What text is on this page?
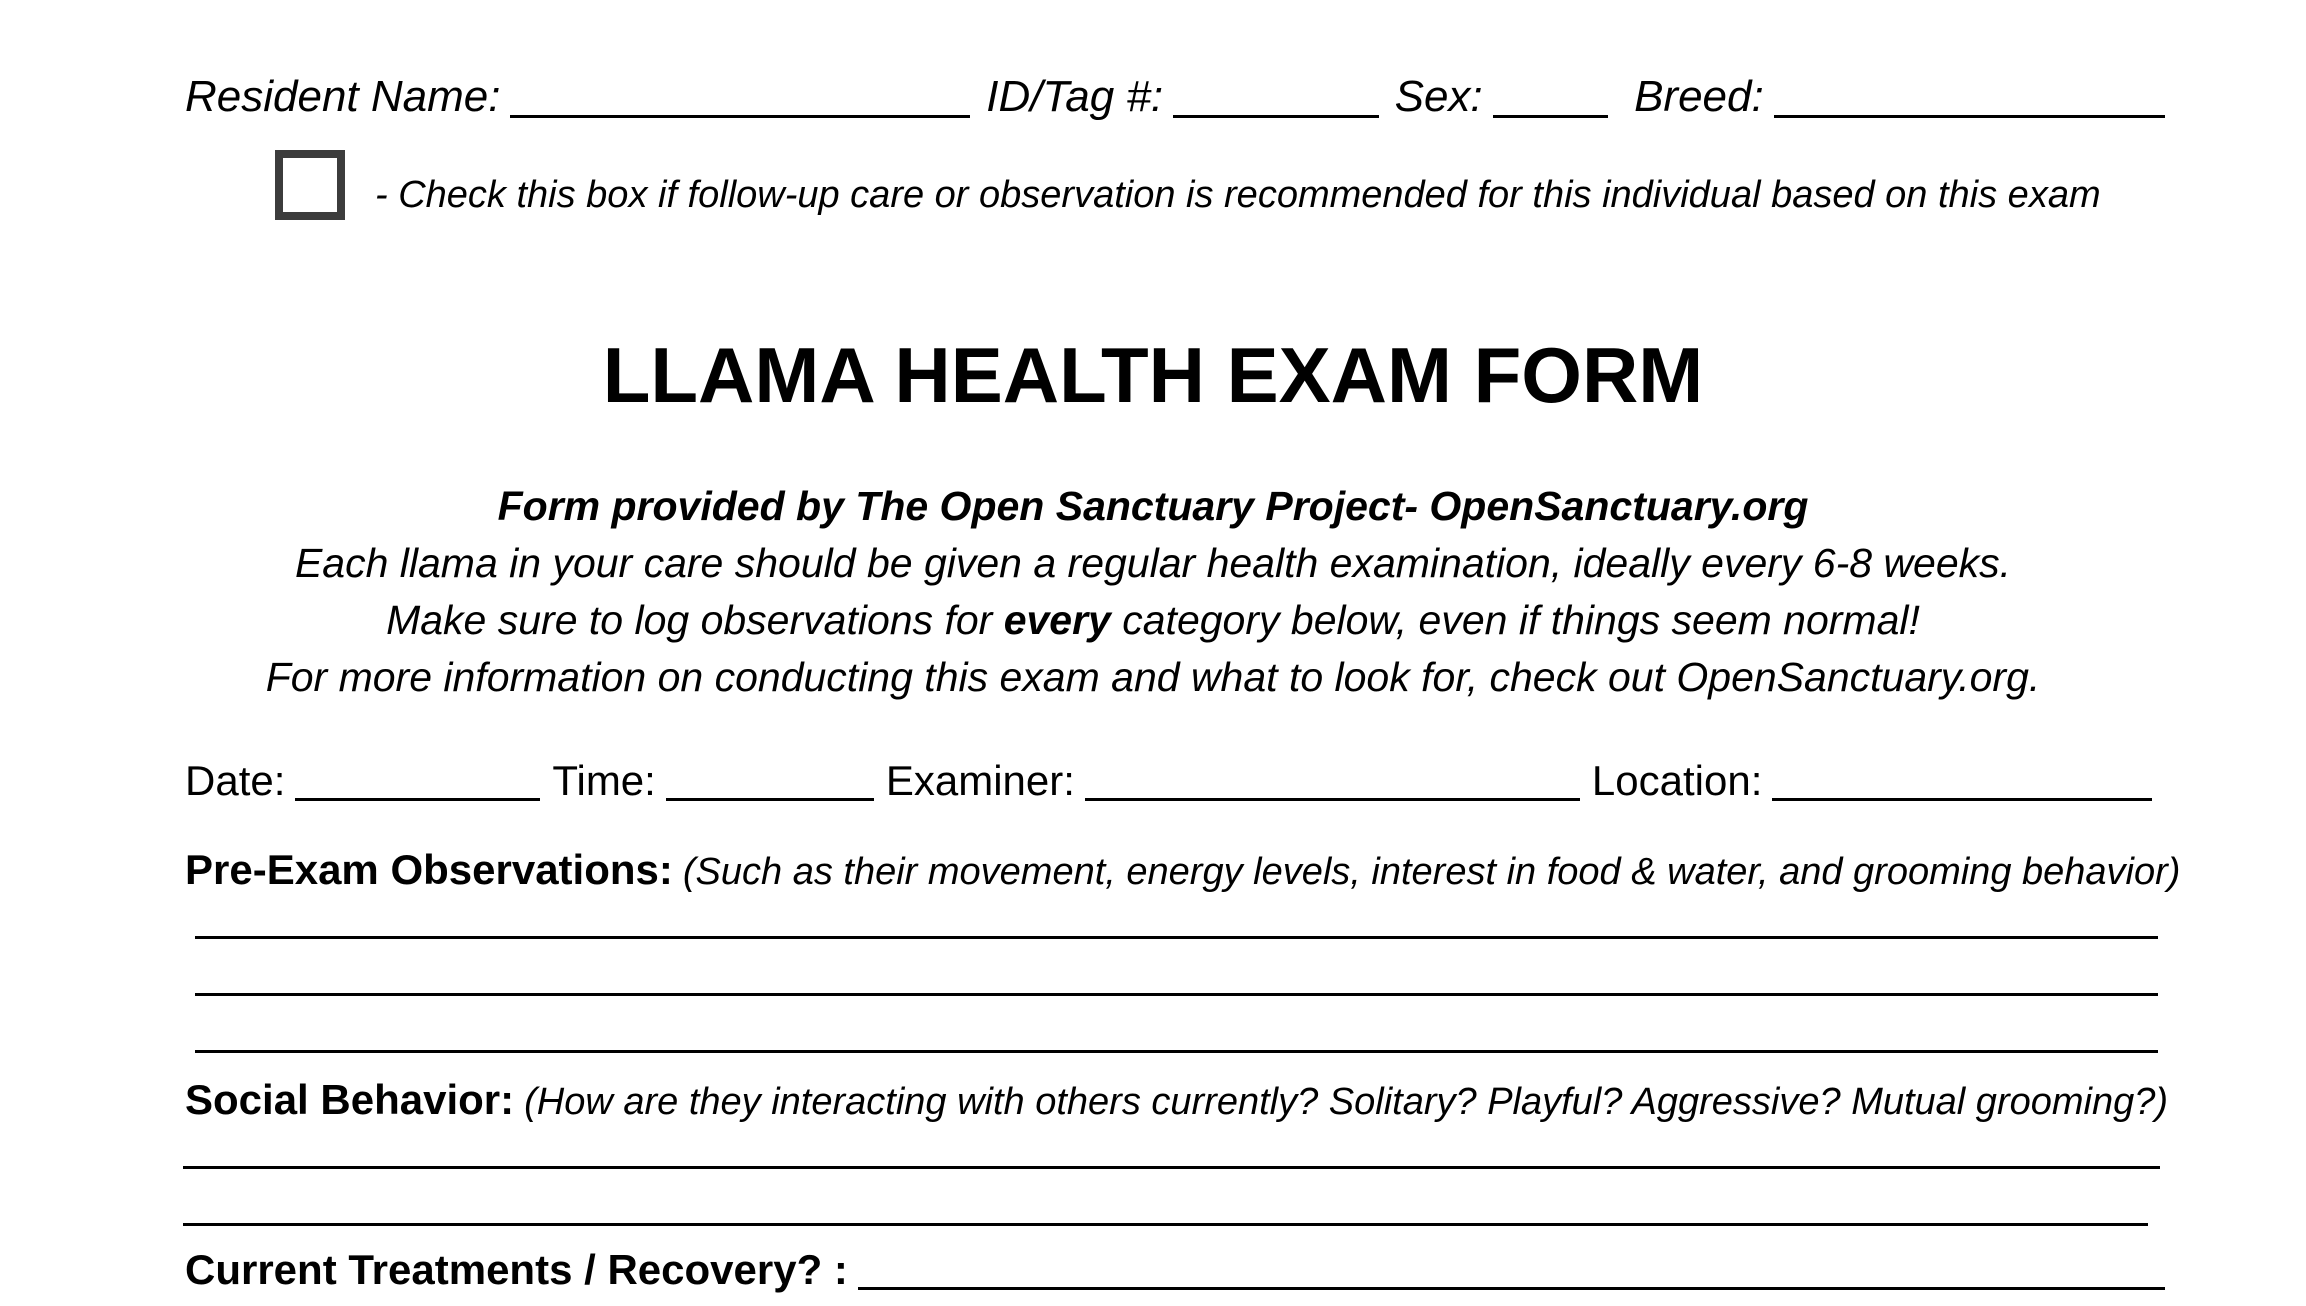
Resident Name:	ID/Tag #:	Sex:	Breed:
- Check this box if follow-up care or observation is recommended for this individual based on this exam
LLAMA HEALTH EXAM FORM
Form provided by The Open Sanctuary Project- OpenSanctuary.org
Each llama in your care should be given a regular health examination, ideally every 6-8 weeks.
Make sure to log observations for every category below, even if things seem normal!
For more information on conducting this exam and what to look for, check out OpenSanctuary.org.
Date:	Time:	Examiner:	Location:
Pre-Exam Observations: (Such as their movement, energy levels, interest in food & water, and grooming behavior)
Social Behavior: (How are they interacting with others currently? Solitary? Playful? Aggressive? Mutual grooming?)
Current Treatments / Recovery? :
